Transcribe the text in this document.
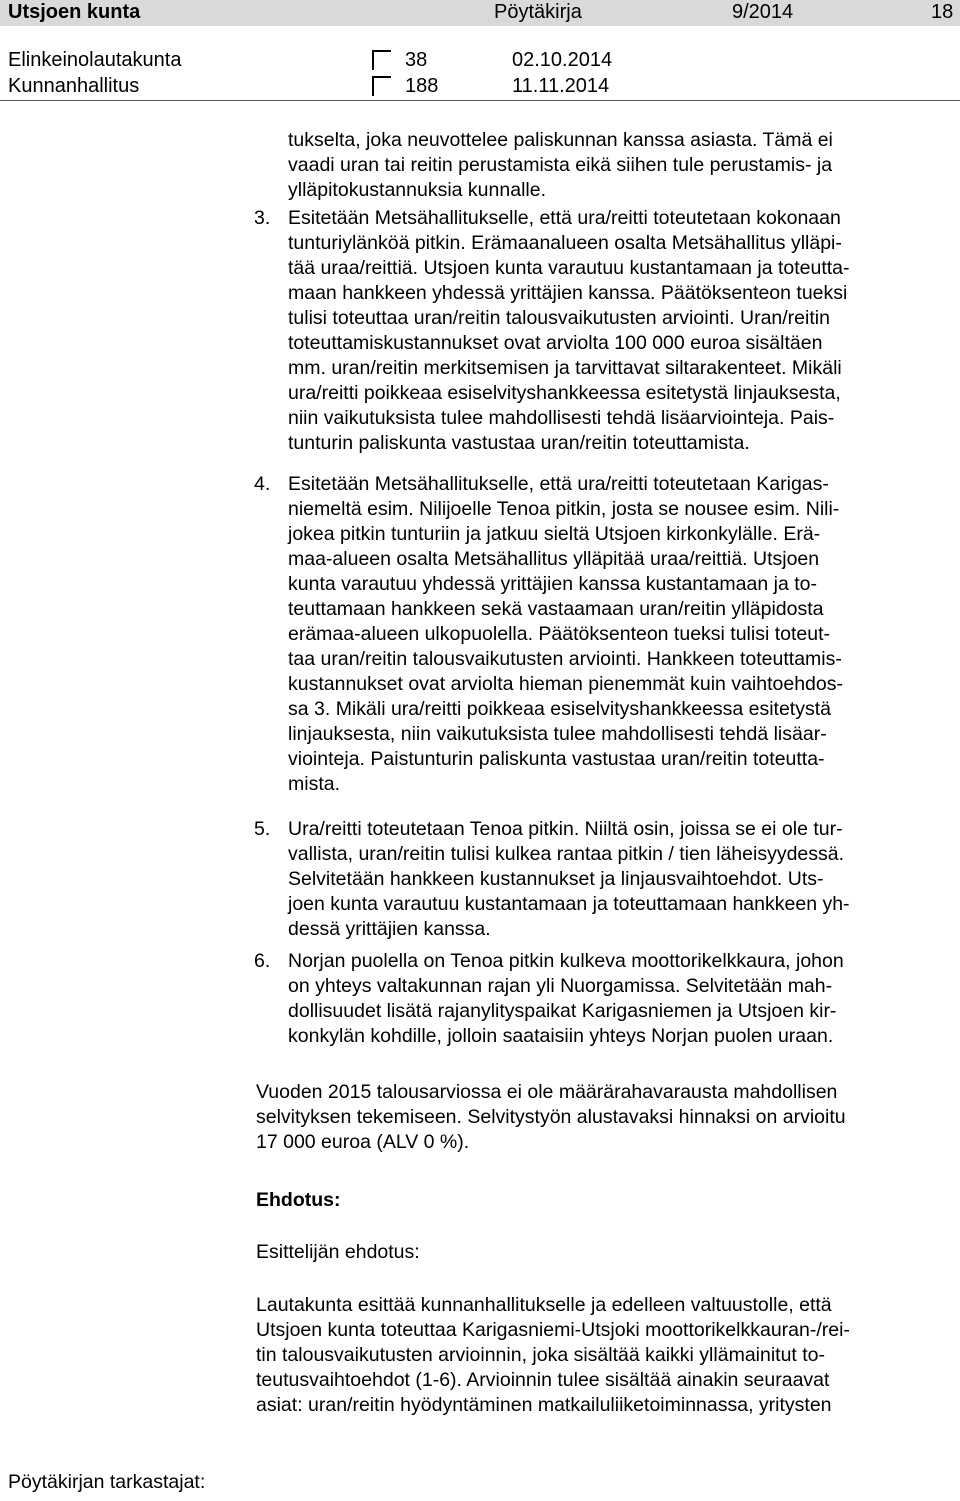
Utsjoen kunta	Pöytäkirja	9/2014	18
Elinkeinolautakunta	38	02.10.2014
Kunnanhallitus	188	11.11.2014
tukselta, joka neuvottelee paliskunnan kanssa asiasta. Tämä ei
vaadi uran tai reitin perustamista eikä siihen tule perustamis- ja
ylläpitokustannuksia kunnalle.
3. Esitetään Metsähallitukselle, että ura/reitti toteutetaan kokonaan
tunturiylänköä pitkin. Erämaanalueen osalta Metsähallitus ylläpi-
tää uraa/reittiä. Utsjoen kunta varautuu kustantamaan ja toteutta-
maan hankkeen yhdessä yrittäjien kanssa. Päätöksenteon tueksi
tulisi toteuttaa uran/reitin talousvaikutusten arviointi. Uran/reitin
toteuttamiskustannukset ovat arviolta 100 000 euroa sisältäen
mm. uran/reitin merkitsemisen ja tarvittavat siltarakenteet. Mikäli
ura/reitti poikkeaa esiselvityshankkeessa esitetystä linjauksesta,
niin vaikutuksista tulee mahdollisesti tehdä lisäarviointeja. Pais-
tunturin paliskunta vastustaa uran/reitin toteuttamista.
4. Esitetään Metsähallitukselle, että ura/reitti toteutetaan Karigas-
niemeltä esim. Nilijoelle Tenoa pitkin, josta se nousee esim. Nili-
jokea pitkin tunturiin ja jatkuu sieltä Utsjoen kirkonkylälle. Erä-
maa-alueen osalta Metsähallitus ylläpitää uraa/reittiä. Utsjoen
kunta varautuu yhdessä yrittäjien kanssa kustantamaan ja to-
teuttamaan hankkeen sekä vastaamaan uran/reitin ylläpidosta
erämaa-alueen ulkopuolella. Päätöksenteon tueksi tulisi toteut-
taa uran/reitin talousvaikutusten arviointi. Hankkeen toteuttamis-
kustannukset ovat arviolta hieman pienemmät kuin vaihtoehdos-
sa 3. Mikäli ura/reitti poikkeaa esiselvityshankkeessa esitetystä
linjauksesta, niin vaikutuksista tulee mahdollisesti tehdä lisäar-
viointeja. Paistunturin paliskunta vastustaa uran/reitin toteutta-
mista.
5. Ura/reitti toteutetaan Tenoa pitkin. Niiltä osin, joissa se ei ole tur-
vallista, uran/reitin tulisi kulkea rantaa pitkin / tien läheisyydessä.
Selvitetään hankkeen kustannukset ja linjausvaihtoehdot. Uts-
joen kunta varautuu kustantamaan ja toteuttamaan hankkeen yh-
dessä yrittäjien kanssa.
6. Norjan puolella on Tenoa pitkin kulkeva moottorikelkkaura, johon
on yhteys valtakunnan rajan yli Nuorgamissa. Selvitetään mah-
dollisuudet lisätä rajanylityspaikat Karigasniemen ja Utsjoen kir-
konkylän kohdille, jolloin saataisiin yhteys Norjan puolen uraan.
Vuoden 2015 talousarviossa ei ole määrärahavarausta mahdollisen
selvityksen tekemiseen. Selvitystyön alustavaksi hinnaksi on arvioitu
17 000 euroa (ALV 0 %).
Ehdotus:
Esittelijän ehdotus:
Lautakunta esittää kunnanhallitukselle ja edelleen valtuustolle, että
Utsjoen kunta toteuttaa Karigasniemi-Utsjoki moottorikelkkauran-/rei-
tin talousvaikutusten arvioinnin, joka sisältää kaikki yllämainitut to-
teutusvaihtoehdot (1-6). Arvioinnin tulee sisältää ainakin seuraavat
asiat: uran/reitin hyödyntäminen matkailuliiketoiminnassa, yritysten
Pöytäkirjan tarkastajat:
